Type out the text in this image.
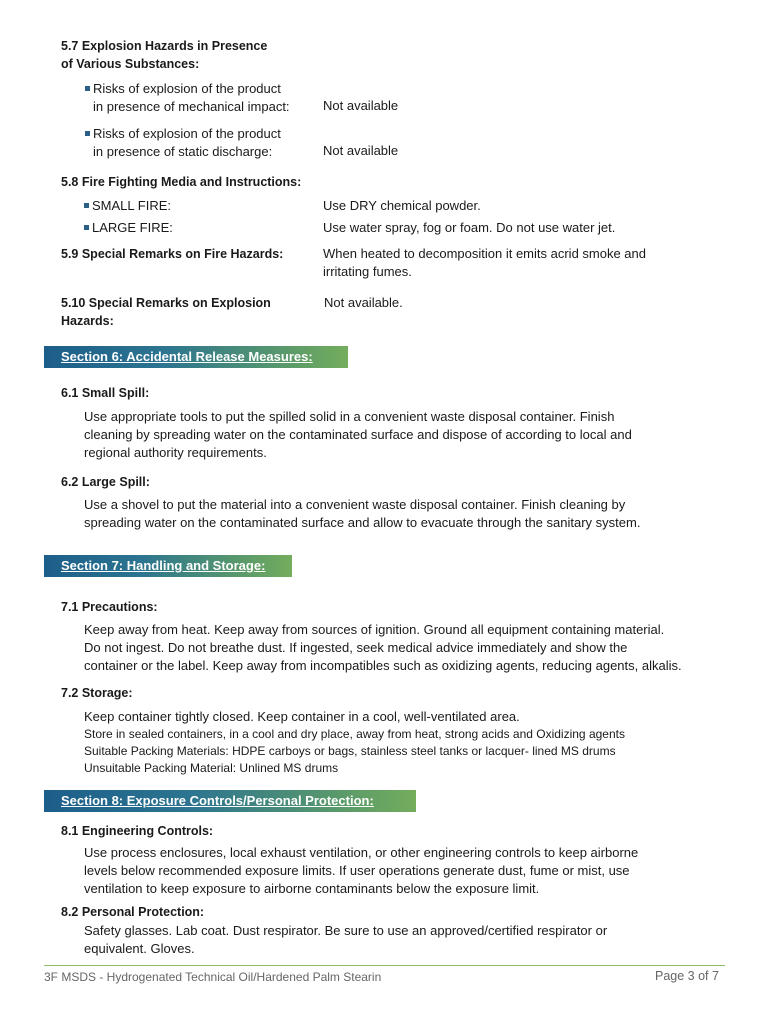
5.7 Explosion Hazards in Presence
of Various Substances:
Risks of explosion of the product
in presence of mechanical impact:	Not available
Risks of explosion of the product
in presence of static discharge:	Not available
5.8 Fire Fighting Media and Instructions:
SMALL FIRE:	Use DRY chemical powder.
LARGE FIRE:	Use water spray, fog or foam. Do not use water jet.
5.9 Special Remarks on Fire Hazards:	When heated to decomposition it emits acrid smoke and
irritating fumes.
5.10 Special Remarks on Explosion
Hazards:
Not available.
Section 6: Accidental Release Measures:
6.1 Small Spill:
Use appropriate tools to put the spilled solid in a convenient waste disposal container. Finish
cleaning by spreading water on the contaminated surface and dispose of according to local and
regional authority requirements.
6.2 Large Spill:
Use a shovel to put the material into a convenient waste disposal container. Finish cleaning by
spreading water on the contaminated surface and allow to evacuate through the sanitary system.
Section 7: Handling and Storage:
7.1 Precautions:
Keep away from heat. Keep away from sources of ignition. Ground all equipment containing material.
Do not ingest. Do not breathe dust. If ingested, seek medical advice immediately and show the
container or the label. Keep away from incompatibles such as oxidizing agents, reducing agents, alkalis.
7.2 Storage:
Keep container tightly closed. Keep container in a cool, well-ventilated area.
Store in sealed containers, in a cool and dry place, away from heat, strong acids and Oxidizing agents
Suitable Packing Materials: HDPE carboys or bags, stainless steel tanks or lacquer- lined MS drums
Unsuitable Packing Material: Unlined MS drums
Section 8: Exposure Controls/Personal Protection:
8.1 Engineering Controls:
Use process enclosures, local exhaust ventilation, or other engineering controls to keep airborne
levels below recommended exposure limits. If user operations generate dust, fume or mist, use
ventilation to keep exposure to airborne contaminants below the exposure limit.
8.2 Personal Protection:
Safety glasses. Lab coat. Dust respirator. Be sure to use an approved/certified respirator or
equivalent. Gloves.
3F MSDS - Hydrogenated Technical Oil/Hardened Palm Stearin	Page 3 of 7
